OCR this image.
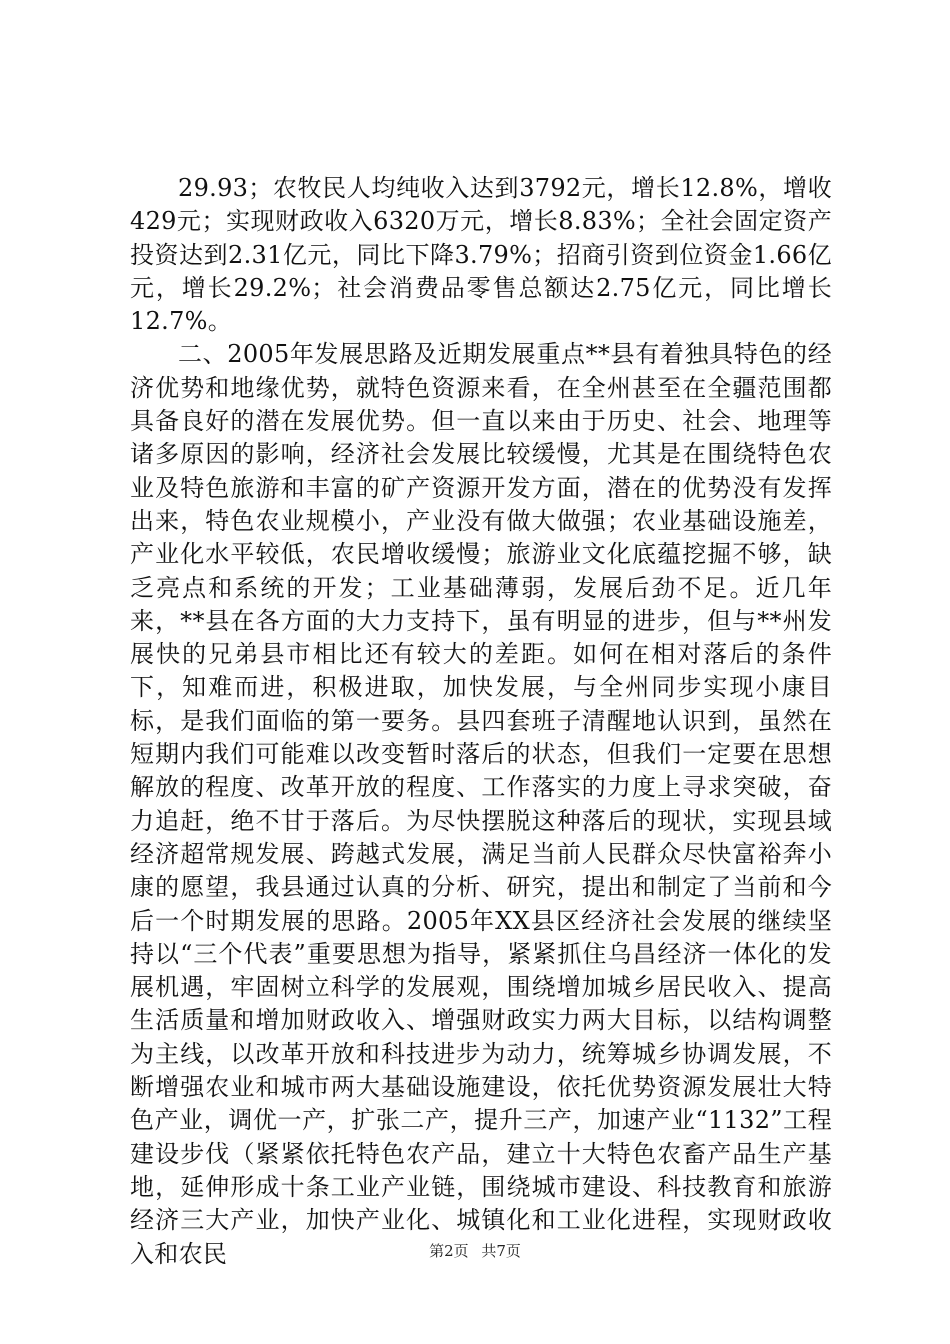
29.93；农牧民人均纯收入达到3792元，增长12.8%，增收429元；实现财政收入6320万元，增长8.83%；全社会固定资产投资达到2.31亿元，同比下降3.79%；招商引资到位资金1.66亿元，增长29.2%；社会消费品零售总额达2.75亿元，同比增长12.7%。

二、2005年发展思路及近期发展重点**县有着独具特色的经济优势和地缘优势，就特色资源来看，在全州甚至在全疆范围都具备良好的潜在发展优势。但一直以来由于历史、社会、地理等诸多原因的影响，经济社会发展比较缓慢，尤其是在围绕特色农业及特色旅游和丰富的矿产资源开发方面，潜在的优势没有发挥出来，特色农业规模小，产业没有做大做强；农业基础设施差，产业化水平较低，农民增收缓慢；旅游业文化底蕴挖掘不够，缺乏亮点和系统的开发；工业基础薄弱，发展后劲不足。近几年来，**县在各方面的大力支持下，虽有明显的进步，但与**州发展快的兄弟县市相比还有较大的差距。如何在相对落后的条件下，知难而进，积极进取，加快发展，与全州同步实现小康目标，是我们面临的第一要务。县四套班子清醒地认识到，虽然在短期内我们可能难以改变暂时落后的状态，但我们一定要在思想解放的程度、改革开放的程度、工作落实的力度上寻求突破，奋力追赶，绝不甘于落后。为尽快摆脱这种落后的现状，实现县域经济超常规发展、跨越式发展，满足当前人民群众尽快富裕奔小康的愿望，我县通过认真的分析、研究，提出和制定了当前和今后一个时期发展的思路。2005年XX县区经济社会发展的继续坚持以“三个代表”重要思想为指导，紧紧抓住乌昌经济一体化的发展机遇，牢固树立科学的发展观，围绕增加城乡居民收入、提高生活质量和增加财政收入、增强财政实力两大目标，以结构调整为主线，以改革开放和科技进步为动力，统筹城乡协调发展，不断增强农业和城市两大基础设施建设，依托优势资源发展壮大特色产业，调优一产，扩张二产，提升三产，加速产业“1132”工程建设步伐（紧紧依托特色农产品，建立十大特色农畜产品生产基地，延伸形成十条工业产业链，围绕城市建设、科技教育和旅游经济三大产业，加快产业化、城镇化和工业化进程，实现财政收入和农民	第2页 共7页
